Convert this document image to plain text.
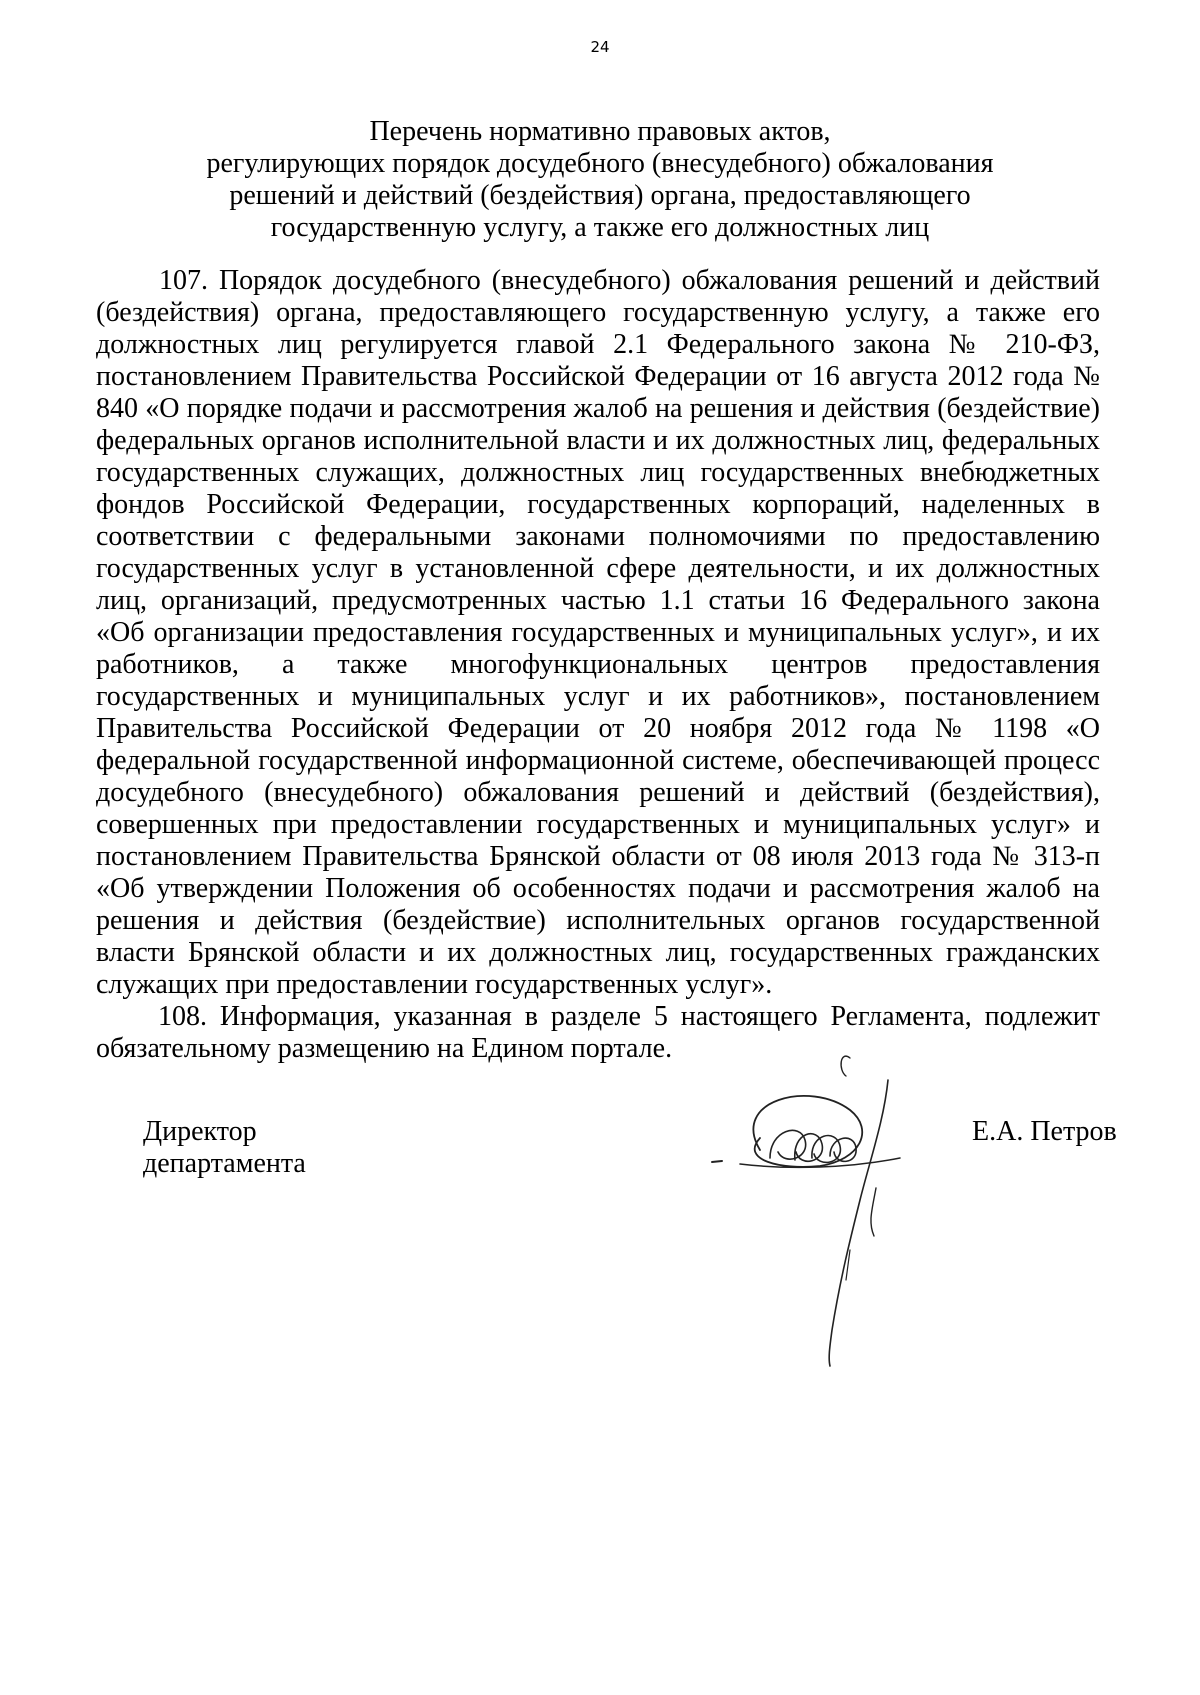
24
Перечень нормативно правовых актов,
регулирующих порядок досудебного (внесудебного) обжалования
решений и действий (бездействия) органа, предоставляющего
государственную услугу, а также его должностных лиц

107. Порядок досудебного (внесудебного) обжалования решений и действий (бездействия) органа, предоставляющего государственную услугу, а также его должностных лиц регулируется главой 2.1 Федерального закона № 210-ФЗ, постановлением Правительства Российской Федерации от 16 августа 2012 года № 840 «О порядке подачи и рассмотрения жалоб на решения и действия (бездействие) федеральных органов исполнительной власти и их должностных лиц, федеральных государственных служащих, должностных лиц государственных внебюджетных фондов Российской Федерации, государственных корпораций, наделенных в соответствии с федеральными законами полномочиями по предоставлению государственных услуг в установленной сфере деятельности, и их должностных лиц, организаций, предусмотренных частью 1.1 статьи 16 Федерального закона «Об организации предоставления государственных и муниципальных услуг», и их работников, а также многофункциональных центров предоставления государственных и муниципальных услуг и их работников», постановлением Правительства Российской Федерации от 20 ноября 2012 года № 1198 «О федеральной государственной информационной системе, обеспечивающей процесс досудебного (внесудебного) обжалования решений и действий (бездействия), совершенных при предоставлении государственных и муниципальных услуг» и постановлением Правительства Брянской области от 08 июля 2013 года № 313-п «Об утверждении Положения об особенностях подачи и рассмотрения жалоб на решения и действия (бездействие) исполнительных органов государственной власти Брянской области и их должностных лиц, государственных гражданских служащих при предоставлении государственных услуг».

108. Информация, указанная в разделе 5 настоящего Регламента, подлежит обязательному размещению на Едином портале.

Директор
департамента
Е.А. Петров
